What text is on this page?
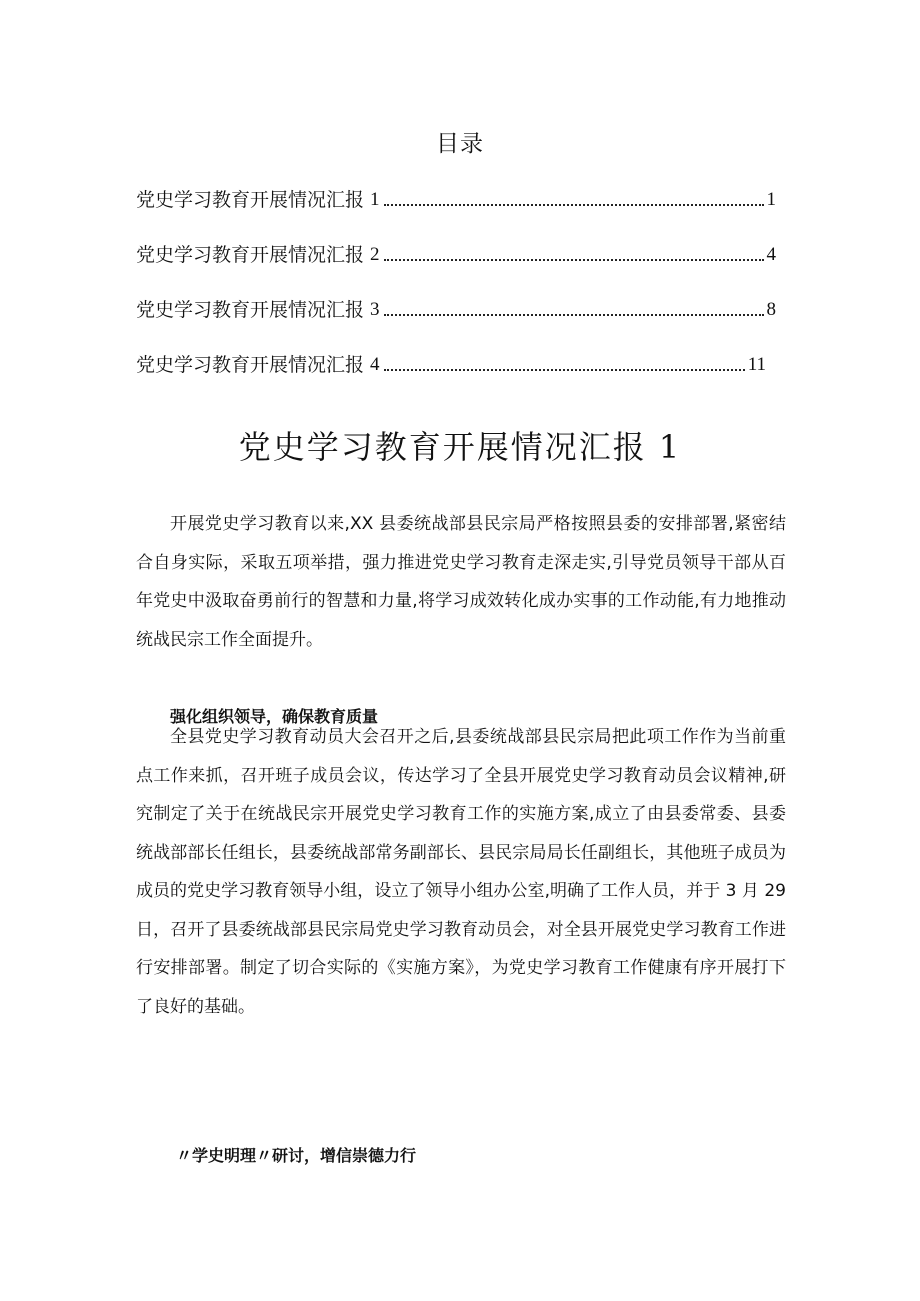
目录
党史学习教育开展情况汇报 1	1
党史学习教育开展情况汇报 2	4
党史学习教育开展情况汇报 3	8
党史学习教育开展情况汇报 4	11
党史学习教育开展情况汇报 1

开展党史学习教育以来,XX 县委统战部县民宗局严格按照县委的安排部署,紧密结合自身实际，采取五项举措，强力推进党史学习教育走深走实,引导党员领导干部从百年党史中汲取奋勇前行的智慧和力量,将学习成效转化成办实事的工作动能,有力地推动统战民宗工作全面提升。

强化组织领导，确保教育质量

全县党史学习教育动员大会召开之后,县委统战部县民宗局把此项工作作为当前重点工作来抓，召开班子成员会议，传达学习了全县开展党史学习教育动员会议精神,研究制定了关于在统战民宗开展党史学习教育工作的实施方案,成立了由县委常委、县委统战部部长任组长，县委统战部常务副部长、县民宗局局长任副组长，其他班子成员为成员的党史学习教育领导小组，设立了领导小组办公室,明确了工作人员，并于 3 月 29 日，召开了县委统战部县民宗局党史学习教育动员会，对全县开展党史学习教育工作进行安排部署。制定了切合实际的《实施方案》，为党史学习教育工作健康有序开展打下了良好的基础。

〃学史明理〃研讨，增信崇德力行
